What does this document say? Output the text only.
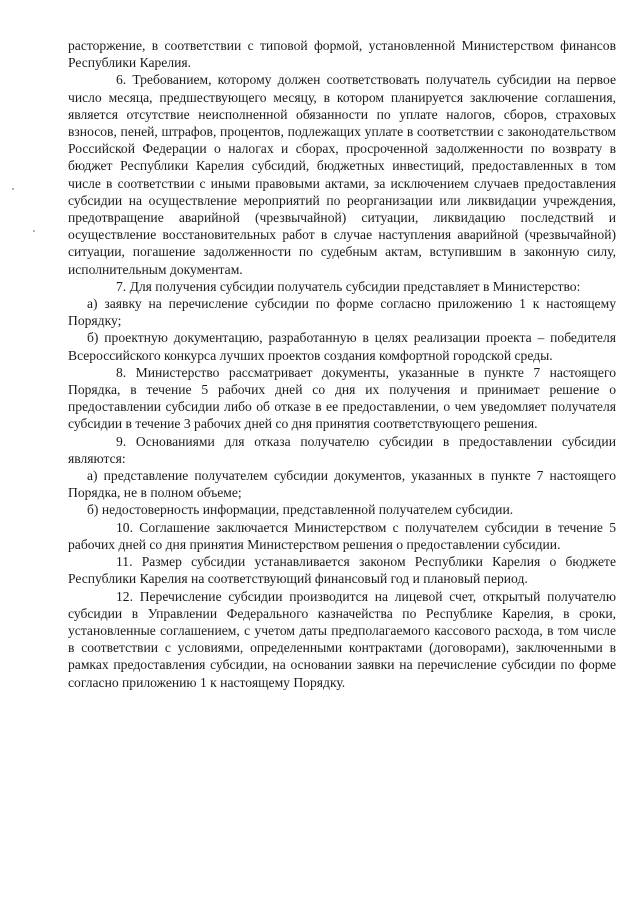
расторжение, в соответствии с типовой формой, установленной Министерством финансов Республики Карелия.

6. Требованием, которому должен соответствовать получатель субсидии на первое число месяца, предшествующего месяцу, в котором планируется заключение соглашения, является отсутствие неисполненной обязанности по уплате налогов, сборов, страховых взносов, пеней, штрафов, процентов, подлежащих уплате в соответствии с законодательством Российской Федерации о налогах и сборах, просроченной задолженности по возврату в бюджет Республики Карелия субсидий, бюджетных инвестиций, предоставленных в том числе в соответствии с иными правовыми актами, за исключением случаев предоставления субсидии на осуществление мероприятий по реорганизации или ликвидации учреждения, предотвращение аварийной (чрезвычайной) ситуации, ликвидацию последствий и осуществление восстановительных работ в случае наступления аварийной (чрезвычайной) ситуации, погашение задолженности по судебным актам, вступившим в законную силу, исполнительным документам.

7. Для получения субсидии получатель субсидии представляет в Министерство:

а) заявку на перечисление субсидии по форме согласно приложению 1 к настоящему Порядку;

б) проектную документацию, разработанную в целях реализации проекта – победителя Всероссийского конкурса лучших проектов создания комфортной городской среды.

8. Министерство рассматривает документы, указанные в пункте 7 настоящего Порядка, в течение 5 рабочих дней со дня их получения и принимает решение о предоставлении субсидии либо об отказе в ее предоставлении, о чем уведомляет получателя субсидии в течение 3 рабочих дней со дня принятия соответствующего решения.

9. Основаниями для отказа получателю субсидии в предоставлении субсидии являются:

а) представление получателем субсидии документов, указанных в пункте 7 настоящего Порядка, не в полном объеме;

б) недостоверность информации, представленной получателем субсидии.

10. Соглашение заключается Министерством с получателем субсидии в течение 5 рабочих дней со дня принятия Министерством решения о предоставлении субсидии.

11. Размер субсидии устанавливается законом Республики Карелия о бюджете Республики Карелия на соответствующий финансовый год и плановый период.

12. Перечисление субсидии производится на лицевой счет, открытый получателю субсидии в Управлении Федерального казначейства по Республике Карелия, в сроки, установленные соглашением, с учетом даты предполагаемого кассового расхода, в том числе в соответствии с условиями, определенными контрактами (договорами), заключенными в рамках предоставления субсидии, на основании заявки на перечисление субсидии по форме согласно приложению 1 к настоящему Порядку.
